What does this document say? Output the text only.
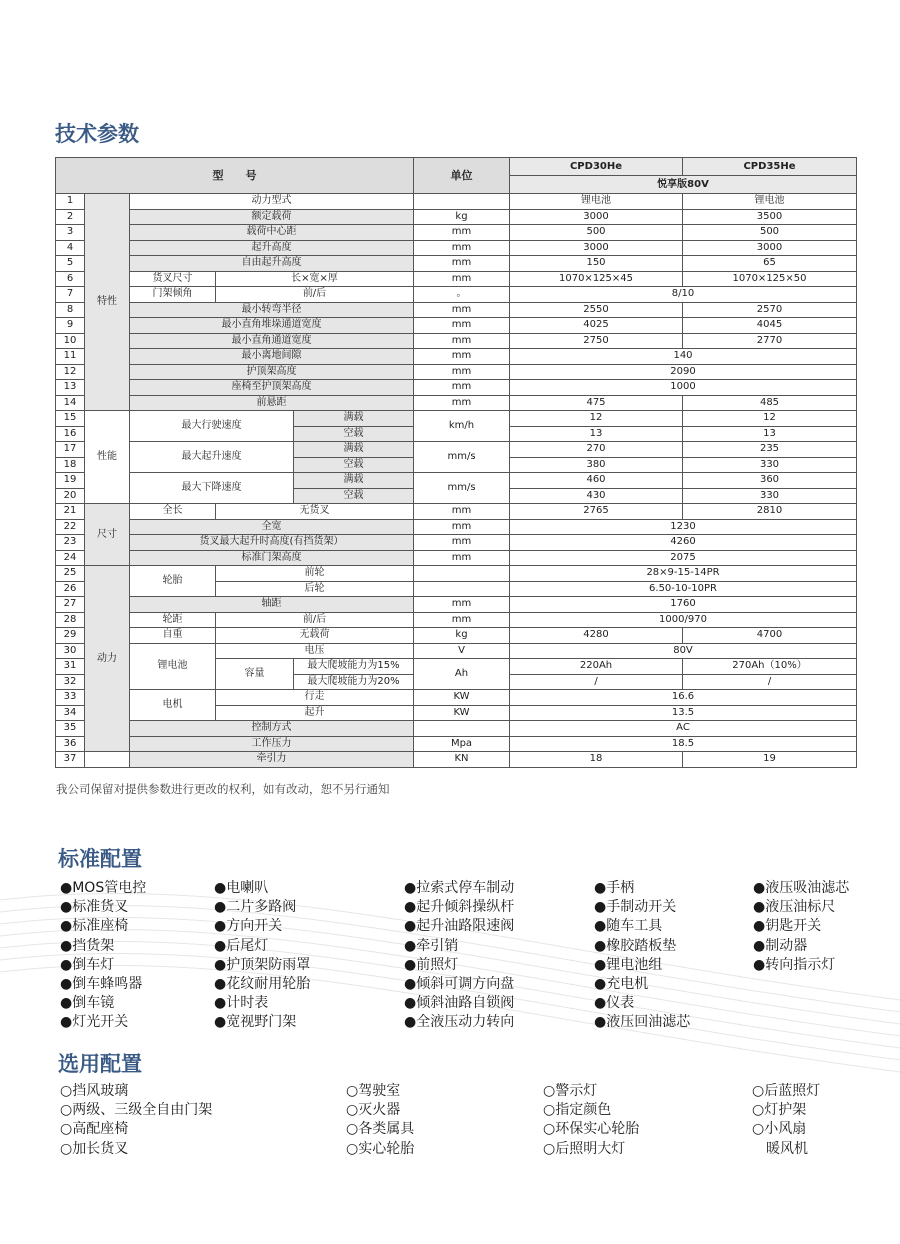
技术参数
型　　号					单位	CPD30He	CPD35He
						悦享版80V	
1	特性	动力型式				锂电池	锂电池
2		额定载荷			kg	3000	3500
3		载荷中心距			mm	500	500
4		起升高度			mm	3000	3000
5		自由起升高度			mm	150	65
6		货叉尺寸	长×宽×厚		mm	1070×125×45	1070×125×50
7		门架倾角	前/后		。	8/10	
8		最小转弯半径			mm	2550	2570
9		最小直角堆垛通道宽度			mm	4025	4045
10		最小直角通道宽度			mm	2750	2770
11		最小离地间隙			mm	140	
12		护顶架高度			mm	2090	
13		座椅至护顶架高度			mm	1000	
14		前悬距			mm	475	485
15	性能	最大行驶速度		满载	km/h	12	12
16				空载		13	13
17		最大起升速度		满载	mm/s	270	235
18				空载		380	330
19		最大下降速度		满载	mm/s	460	360
20				空载		430	330
21	尺寸	全长	无货叉		mm	2765	2810
22		全宽			mm	1230	
23		货叉最大起升时高度(有挡货架）			mm	4260	
24		标准门架高度			mm	2075	
25	动力	轮胎	前轮			28×9-15-14PR	
26			后轮			6.50-10-10PR	
27		轴距			mm	1760	
28		轮距	前/后		mm	1000/970	
29		自重	无载荷		kg	4280	4700
30		锂电池	电压		V	80V	
31			容量	最大爬坡能力为15%	Ah	220Ah	270Ah（10%）
32				最大爬坡能力为20%		/	/
33		电机	行走		KW	16.6	
34			起升		KW	13.5	
35		控制方式				AC	
36		工作压力			Mpa	18.5	
37		牵引力			KN	18	19
我公司保留对提供参数进行更改的权利，如有改动，恕不另行通知
标准配置
●MOS管电控
●标准货叉
●标准座椅
●挡货架
●倒车灯
●倒车蜂鸣器
●倒车镜
●灯光开关
●电喇叭
●二片多路阀
●方向开关
●后尾灯
●护顶架防雨罩
●花纹耐用轮胎
●计时表
●宽视野门架
●拉索式停车制动
●起升倾斜操纵杆
●起升油路限速阀
●牵引销
●前照灯
●倾斜可调方向盘
●倾斜油路自锁阀
●全液压动力转向
●手柄
●手制动开关
●随车工具
●橡胶踏板垫
●锂电池组
●充电机
●仪表
●液压回油滤芯
●液压吸油滤芯
●液压油标尺
●钥匙开关
●制动器
●转向指示灯
选用配置
○挡风玻璃
○两级、三级全自由门架
○高配座椅
○加长货叉
○驾驶室
○灭火器
○各类属具
○实心轮胎
○警示灯
○指定颜色
○环保实心轮胎
○后照明大灯
○后蓝照灯
○灯护架
○小风扇
　暖风机
